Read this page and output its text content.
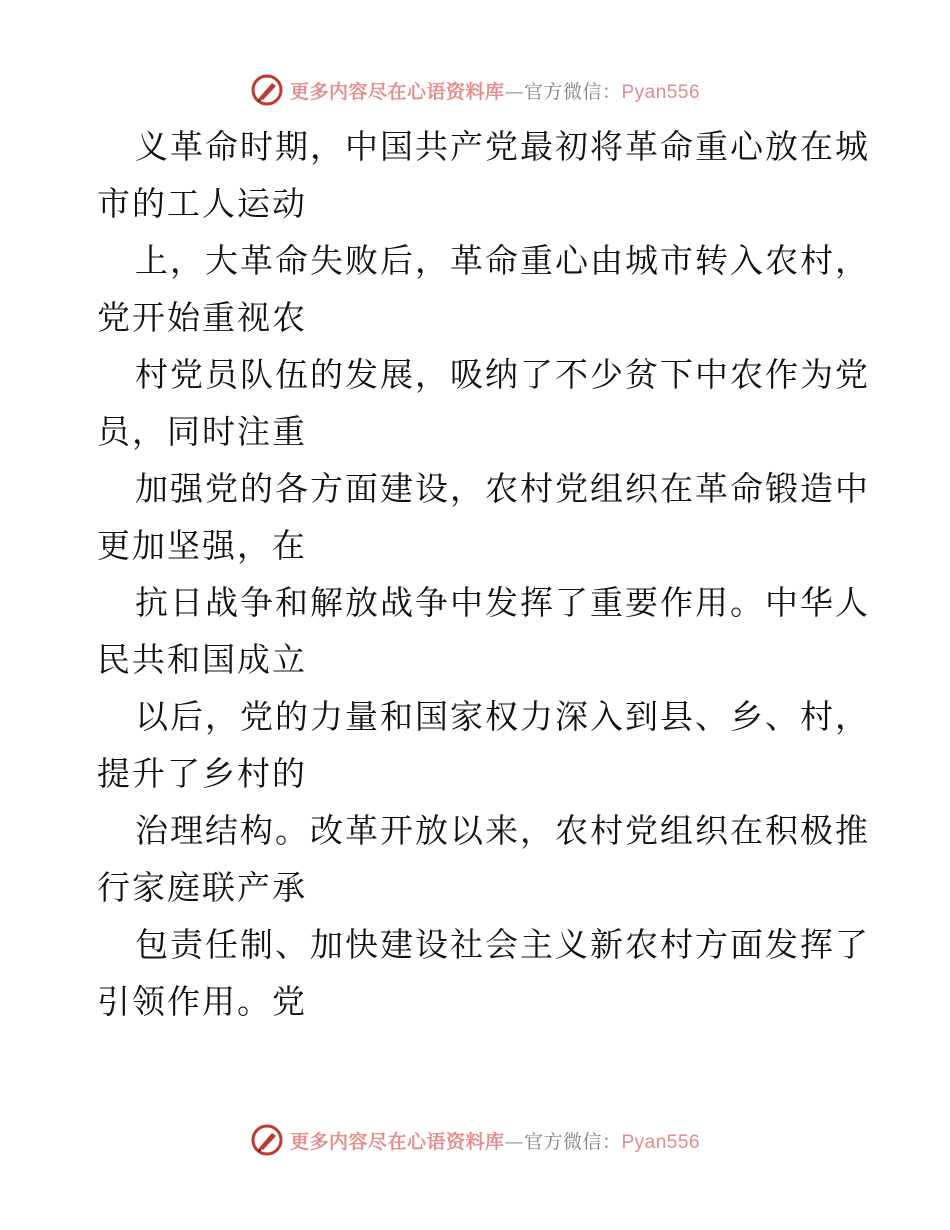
更多内容尽在心语资料库—官方微信：Pyan556
义革命时期，中国共产党最初将革命重心放在城
市的工人运动
上，大革命失败后，革命重心由城市转入农村，
党开始重视农
村党员队伍的发展，吸纳了不少贫下中农作为党
员，同时注重
加强党的各方面建设，农村党组织在革命锻造中
更加坚强，在
抗日战争和解放战争中发挥了重要作用。中华人
民共和国成立
以后，党的力量和国家权力深入到县、乡、村，
提升了乡村的
治理结构。改革开放以来，农村党组织在积极推
行家庭联产承
包责任制、加快建设社会主义新农村方面发挥了
引领作用。党
更多内容尽在心语资料库—官方微信：Pyan556
